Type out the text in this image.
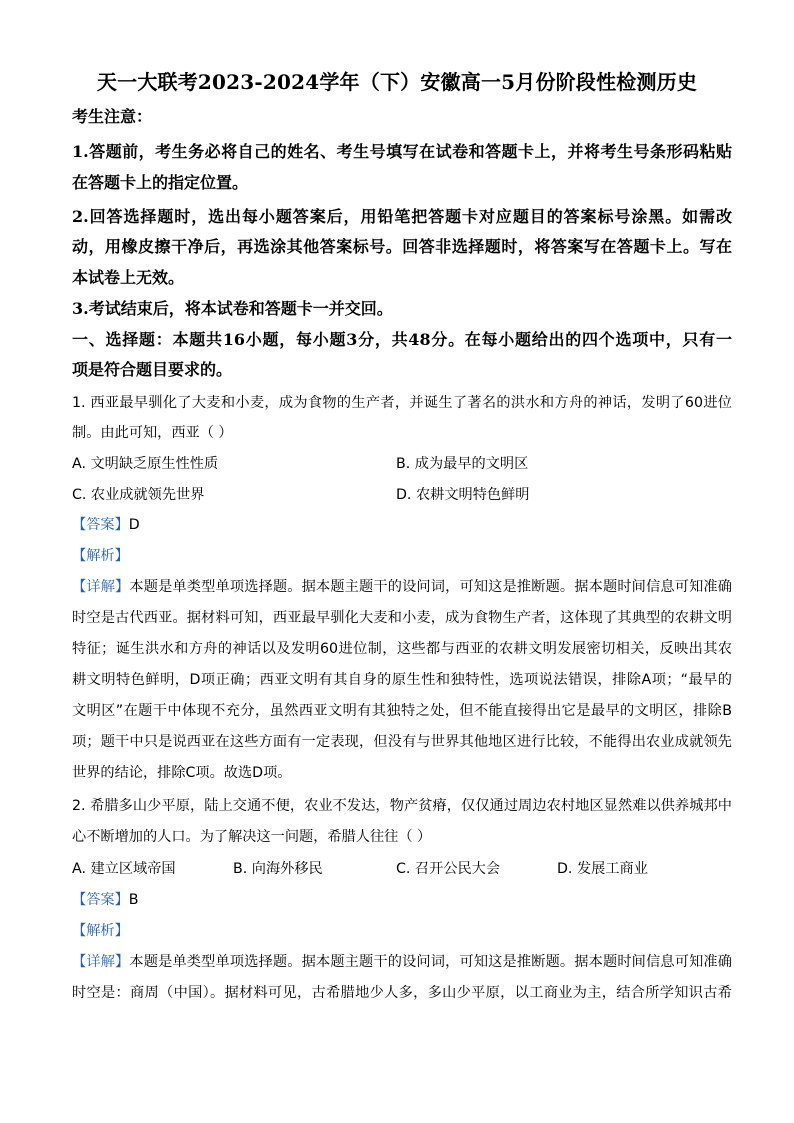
天一大联考2023-2024学年（下）安徽高一5月份阶段性检测历史
考生注意：
1.答题前，考生务必将自己的姓名、考生号填写在试卷和答题卡上，并将考生号条形码粘贴
在答题卡上的指定位置。
2.回答选择题时，选出每小题答案后，用铅笔把答题卡对应题目的答案标号涂黑。如需改
动，用橡皮擦干净后，再选涂其他答案标号。回答非选择题时，将答案写在答题卡上。写在
本试卷上无效。
3.考试结束后，将本试卷和答题卡一并交回。
一、选择题：本题共16小题，每小题3分，共48分。在每小题给出的四个选项中，只有一
项是符合题目要求的。
1. 西亚最早驯化了大麦和小麦，成为食物的生产者，并诞生了著名的洪水和方舟的神话，发明了60进位
制。由此可知，西亚（ ）
A. 文明缺乏原生性性质	B. 成为最早的文明区
C. 农业成就领先世界	D. 农耕文明特色鲜明
【答案】D
【解析】
【详解】本题是单类型单项选择题。据本题主题干的设问词，可知这是推断题。据本题时间信息可知准确
时空是古代西亚。据材料可知，西亚最早驯化大麦和小麦，成为食物生产者，这体现了其典型的农耕文明
特征；诞生洪水和方舟的神话以及发明60进位制，这些都与西亚的农耕文明发展密切相关，反映出其农
耕文明特色鲜明，D项正确；西亚文明有其自身的原生性和独特性，选项说法错误，排除A项；“最早的
文明区”在题干中体现不充分，虽然西亚文明有其独特之处，但不能直接得出它是最早的文明区，排除B
项；题干中只是说西亚在这些方面有一定表现，但没有与世界其他地区进行比较，不能得出农业成就领先
世界的结论，排除C项。故选D项。
2. 希腊多山少平原，陆上交通不便，农业不发达，物产贫瘠，仅仅通过周边农村地区显然难以供养城邦中
心不断增加的人口。为了解决这一问题，希腊人往往（ ）
A. 建立区域帝国	B. 向海外移民	C. 召开公民大会	D. 发展工商业
【答案】B
【解析】
【详解】本题是单类型单项选择题。据本题主题干的设问词，可知这是推断题。据本题时间信息可知准确
时空是：商周（中国）。据材料可见，古希腊地少人多，多山少平原，以工商业为主，结合所学知识古希
